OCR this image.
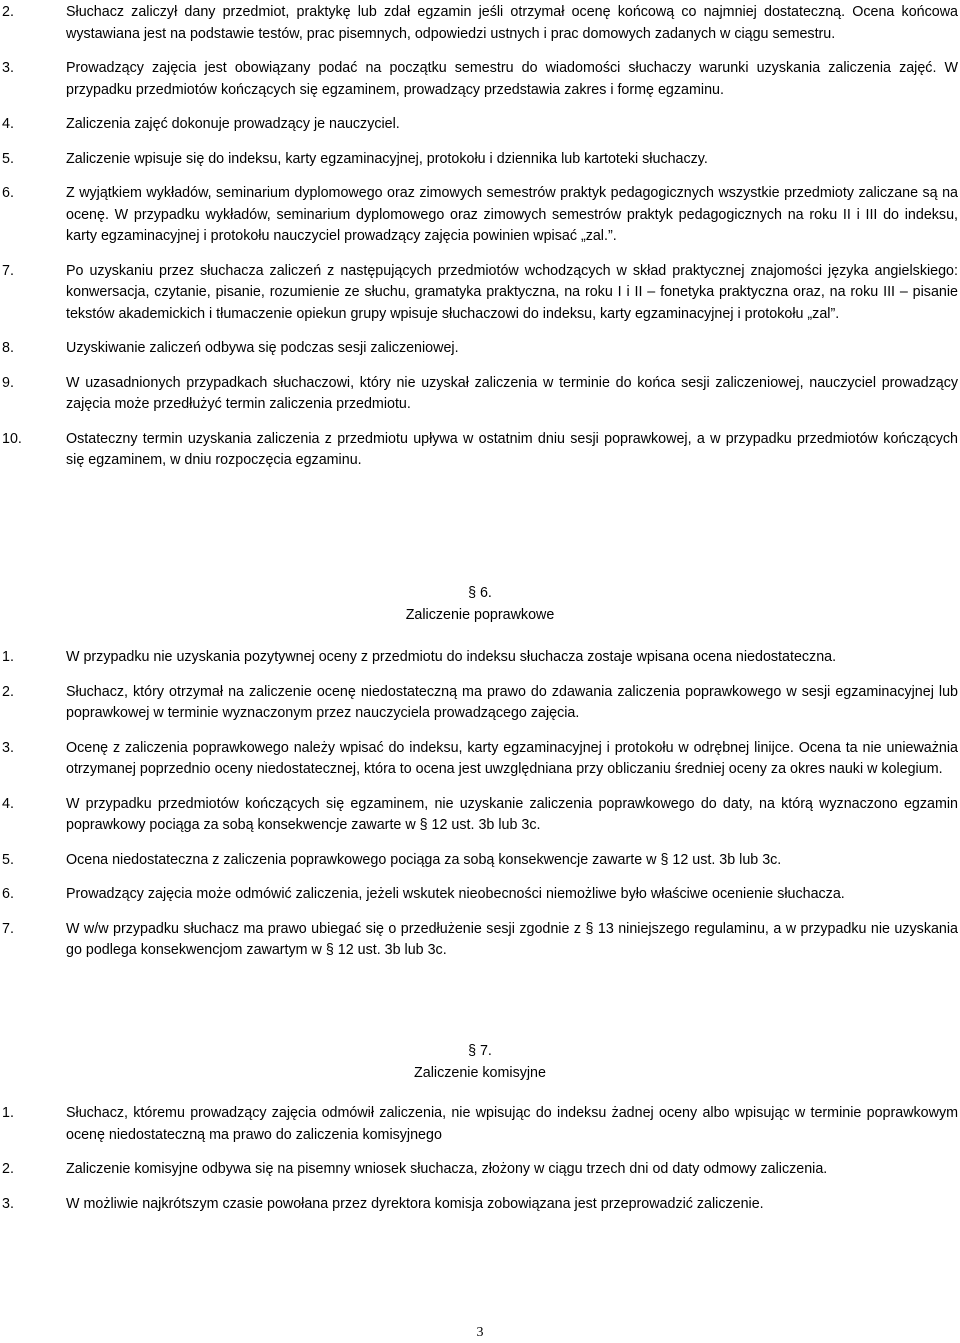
2.	Słuchacz zaliczył dany przedmiot, praktykę lub zdał egzamin jeśli otrzymał ocenę końcową co najmniej dostateczną. Ocena końcowa wystawiana jest na podstawie testów, prac pisemnych, odpowiedzi ustnych i prac domowych zadanych w ciągu semestru.
3.	Prowadzący zajęcia jest obowiązany podać na początku semestru do wiadomości słuchaczy warunki uzyskania zaliczenia zajęć. W przypadku przedmiotów kończących się egzaminem, prowadzący przedstawia zakres i formę egzaminu.
4.	Zaliczenia zajęć dokonuje prowadzący je nauczyciel.
5.	Zaliczenie wpisuje się do indeksu, karty egzaminacyjnej, protokołu i dziennika lub kartoteki słuchaczy.
6.	Z wyjątkiem wykładów, seminarium dyplomowego oraz zimowych semestrów praktyk pedagogicznych wszystkie przedmioty zaliczane są na ocenę. W przypadku wykładów, seminarium dyplomowego oraz zimowych semestrów praktyk pedagogicznych na roku II i III do indeksu, karty egzaminacyjnej i protokołu nauczyciel prowadzący zajęcia powinien wpisać „zal.”.
7.	Po uzyskaniu przez słuchacza zaliczeń z następujących przedmiotów wchodzących w skład praktycznej znajomości języka angielskiego: konwersacja, czytanie, pisanie, rozumienie ze słuchu, gramatyka praktyczna, na roku I i II – fonetyka praktyczna oraz, na roku III – pisanie tekstów akademickich i tłumaczenie opiekun grupy wpisuje słuchaczowi do indeksu, karty egzaminacyjnej i protokołu „zal”.
8.	Uzyskiwanie zaliczeń odbywa się podczas sesji zaliczeniowej.
9.	W uzasadnionych przypadkach słuchaczowi, który nie uzyskał zaliczenia w terminie do końca sesji zaliczeniowej, nauczyciel prowadzący zajęcia może przedłużyć termin zaliczenia przedmiotu.
10.	Ostateczny termin uzyskania zaliczenia z przedmiotu upływa w ostatnim dniu sesji poprawkowej, a w przypadku przedmiotów kończących się egzaminem, w dniu rozpoczęcia egzaminu.
§ 6.
Zaliczenie poprawkowe
1.	W przypadku nie uzyskania pozytywnej oceny z przedmiotu do indeksu słuchacza zostaje wpisana ocena niedostateczna.
2.	Słuchacz, który otrzymał na zaliczenie ocenę niedostateczną ma prawo do zdawania zaliczenia poprawkowego w sesji egzaminacyjnej lub poprawkowej w terminie wyznaczonym przez nauczyciela prowadzącego zajęcia.
3.	Ocenę z zaliczenia poprawkowego należy wpisać do indeksu, karty egzaminacyjnej i protokołu w odrębnej linijce. Ocena ta nie unieważnia otrzymanej poprzednio oceny niedostatecznej, która to ocena jest uwzględniana przy obliczaniu średniej oceny za okres nauki w kolegium.
4.	W przypadku przedmiotów kończących się egzaminem, nie uzyskanie zaliczenia poprawkowego do daty, na którą wyznaczono egzamin poprawkowy pociąga za sobą konsekwencje zawarte w § 12 ust. 3b lub 3c.
5.	Ocena niedostateczna z zaliczenia poprawkowego pociąga za sobą konsekwencje zawarte w § 12 ust. 3b lub 3c.
6.	Prowadzący zajęcia może odmówić zaliczenia, jeżeli wskutek nieobecności niemożliwe było właściwe ocenienie słuchacza.
7.	W w/w przypadku słuchacz ma prawo ubiegać się o przedłużenie sesji zgodnie z § 13 niniejszego regulaminu, a w przypadku nie uzyskania go podlega konsekwencjom zawartym w § 12 ust. 3b lub 3c.
§ 7.
Zaliczenie komisyjne
1.	Słuchacz, któremu prowadzący zajęcia odmówił zaliczenia, nie wpisując do indeksu żadnej oceny albo wpisując w terminie poprawkowym ocenę niedostateczną ma prawo do zaliczenia komisyjnego
2.	Zaliczenie komisyjne odbywa się na pisemny wniosek słuchacza, złożony w ciągu trzech dni od daty odmowy zaliczenia.
3.	W możliwie najkrótszym czasie powołana przez dyrektora komisja zobowiązana jest przeprowadzić zaliczenie.
3
